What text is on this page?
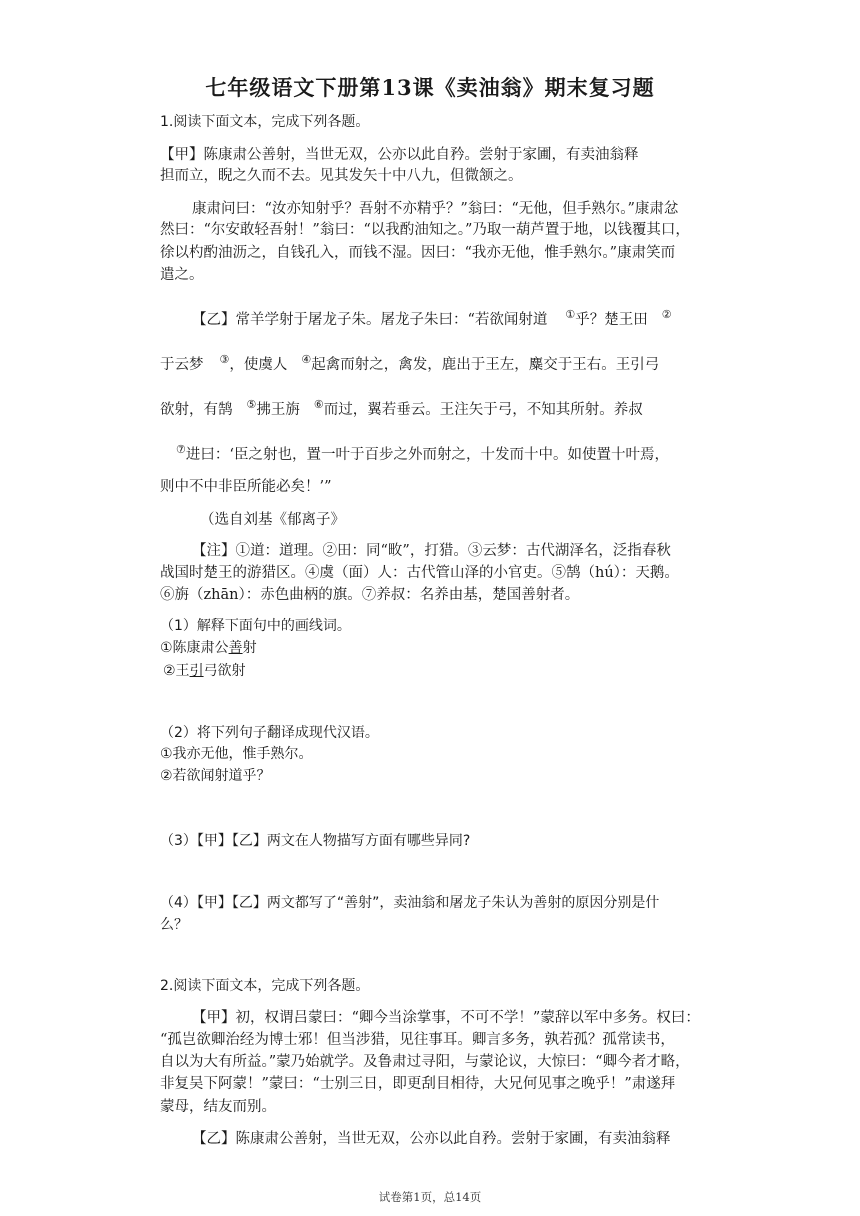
七年级语文下册第13课《卖油翁》期末复习题
1.阅读下面文本，完成下列各题。
【甲】陈康肃公善射，当世无双，公亦以此自矜。尝射于家圃，有卖油翁释
担而立，睨之久而不去。见其发矢十中八九，但微颔之。
康肃问曰：“汝亦知射乎？吾射不亦精乎？”翁曰：“无他，但手熟尔。”康肃忿
然曰：“尔安敢轻吾射！”翁曰：“以我酌油知之。”乃取一葫芦置于地，以钱覆其口，
徐以杓酌油沥之，自钱孔入，而钱不湿。因曰：“我亦无他，惟手熟尔。”康肃笑而
遣之。
【乙】常羊学射于屠龙子朱。屠龙子朱曰：“若欲闻射道 ①乎？楚王田 ②
于云梦 ③，使虞人 ④起禽而射之，禽发，鹿出于王左，麋交于王右。王引弓
欲射，有鹄 ⑤拂王旃 ⑥而过，翼若垂云。王注矢于弓，不知其所射。养叔
⑦进曰：‘臣之射也，置一叶于百步之外而射之，十发而十中。如使置十叶焉，
则中不中非臣所能必矣！’”
（选自刘基《郁离子》
【注】①道：道理。②田：同“畋”，打猎。③云梦：古代湖泽名，泛指春秋
战国时楚王的游猎区。④虞（面）人：古代管山泽的小官吏。⑤鹄（hú）：天鹅。
⑥旃（zhān）：赤色曲柄的旗。⑦养叔：名养由基，楚国善射者。
（1）解释下面句中的画线词。
①陈康肃公善射
②王引弓欲射
（2）将下列句子翻译成现代汉语。
①我亦无他，惟手熟尔。
②若欲闻射道乎？
（3）【甲】【乙】两文在人物描写方面有哪些异同?
（4）【甲】【乙】两文都写了“善射”，卖油翁和屠龙子朱认为善射的原因分别是什
么？
2.阅读下面文本，完成下列各题。
【甲】初，权谓吕蒙曰：“卿今当涂掌事，不可不学！”蒙辞以军中多务。权曰：
“孤岂欲卿治经为博士邪！但当涉猎，见往事耳。卿言多务，孰若孤？孤常读书，
自以为大有所益。”蒙乃始就学。及鲁肃过寻阳，与蒙论议，大惊曰：“卿今者才略，
非复吴下阿蒙！”蒙曰：“士别三日，即更刮目相待，大兄何见事之晚乎！”肃遂拜
蒙母，结友而别。
【乙】陈康肃公善射，当世无双，公亦以此自矜。尝射于家圃，有卖油翁释
试卷第1页，总14页
